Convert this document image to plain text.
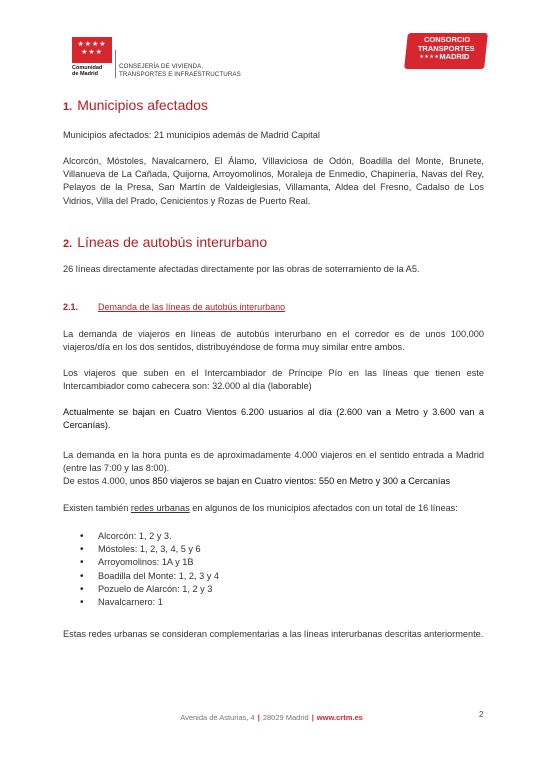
★★★★
★★★
Comunidad
de Madrid
CONSEJERÍA DE VIVIENDA,
TRANSPORTES E INFRAESTRUCTURAS
CONSORCIO
TRANSPORTES
★★★★ MADRID
1. Municipios afectados
Municipios afectados: 21 municipios además de Madrid Capital
Alcorcón, Móstoles, Navalcarnero, El Álamo, Villaviciosa de Odón, Boadilla del Monte, Brunete, Villanueva de La Cañada, Quijorna, Arroyomolinos, Moraleja de Enmedio, Chapinería, Navas del Rey, Pelayos de la Presa, San Martín de Valdeiglesias, Villamanta, Aldea del Fresno, Cadalso de Los Vidrios, Villa del Prado, Cenicientos y Rozas de Puerto Real.
2. Líneas de autobús interurbano
26 líneas directamente afectadas directamente por las obras de soterramiento de la A5.
2.1. Demanda de las líneas de autobús interurbano
La demanda de viajeros en líneas de autobús interurbano en el corredor es de unos 100.000 viajeros/día en los dos sentidos, distribuyéndose de forma muy similar entre ambos.
Los viajeros que suben en el Intercambiador de Príncipe Pío en las líneas que tienen este Intercambiador como cabecera son: 32.000 al día (laborable)
Actualmente se bajan en Cuatro Vientos 6.200 usuarios al día (2.600 van a Metro y 3.600 van a Cercanías).
La demanda en la hora punta es de aproximadamente 4.000 viajeros en el sentido entrada a Madrid (entre las 7:00 y las 8:00).
De estos 4.000, unos 850 viajeros se bajan en Cuatro vientos: 550 en Metro y 300 a Cercanías
Existen también redes urbanas en algunos de los municipios afectados con un total de 16 líneas:
• Alcorcón: 1, 2 y 3.
• Móstoles: 1, 2, 3, 4, 5 y 6
• Arroyomolinos: 1A y 1B
• Boadilla del Monte: 1, 2, 3 y 4
• Pozuelo de Alarcón: 1, 2 y 3
• Navalcarnero: 1
Estas redes urbanas se consideran complementarias a las líneas interurbanas descritas anteriormente.
Avenida de Asturias, 4 | 28029 Madrid | www.crtm.es	2
